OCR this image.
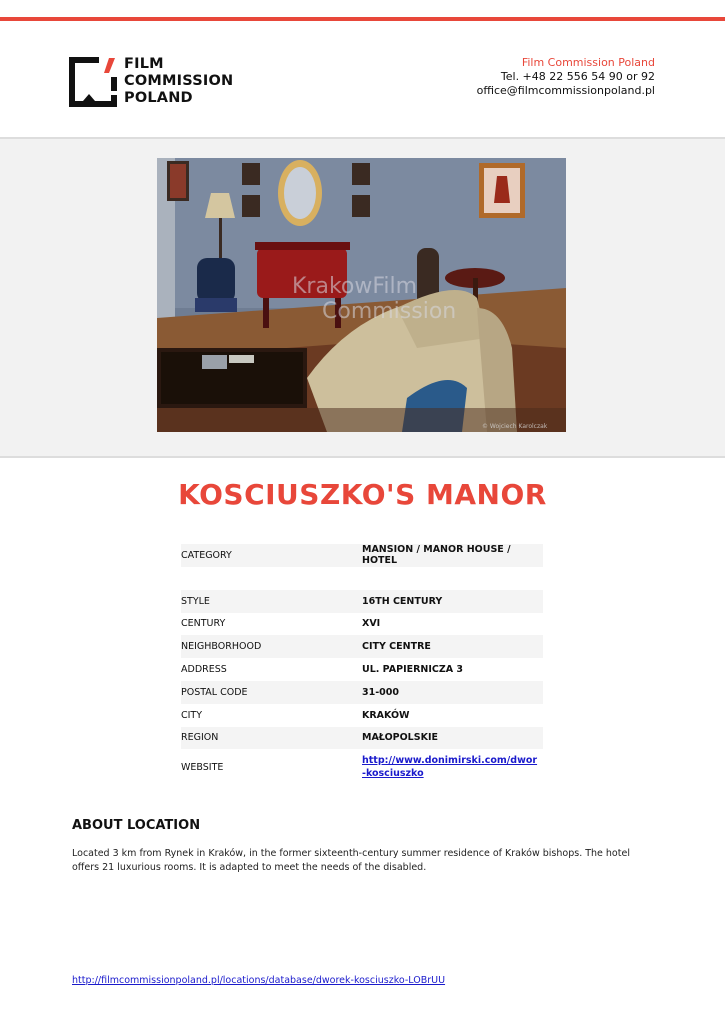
FILM
COMMISSION
POLAND
Film Commission Poland
Tel. +48 22 556 54 90 or 92
office@filmcommissionpoland.pl
KrakowFilm
Commission
© Wojciech Karolczak
KOSCIUSZKO'S MANOR
CATEGORY	MANSION / MANOR HOUSE / HOTEL

STYLE	16TH CENTURY
CENTURY	XVI
NEIGHBORHOOD	CITY CENTRE
ADDRESS	UL. PAPIERNICZA 3
POSTAL CODE	31-000
CITY	KRAKÓW
REGION	MAŁOPOLSKIE
WEBSITE	http://www.donimirski.com/dwor-kosciuszko
ABOUT LOCATION
Located 3 km from Rynek in Kraków, in the former sixteenth-century summer residence of Kraków bishops. The hotel offers 21 luxurious rooms. It is adapted to meet the needs of the disabled.
http://filmcommissionpoland.pl/locations/database/dworek-kosciuszko-LOBrUU
